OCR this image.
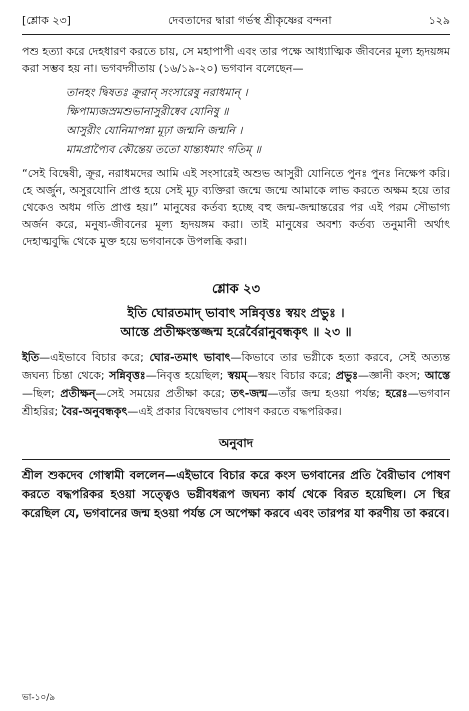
[শ্লোক ২৩]	দেবতাদের দ্বারা গর্ভস্থ শ্রীকৃষ্ণের বন্দনা	১২৯

পশু হত্যা করে দেহধারণ করতে চায়, সে মহাপাপী এবং তার পক্ষে আধ্যাত্মিক জীবনের মূল্য হৃদয়ঙ্গম করা সম্ভব হয় না। ভগবদ্গীতায় (১৬/১৯-২০) ভগবান বলেছেন—

তানহং দ্বিষতঃ ক্রূরান্ সংসারেষু নরাধমান্ ।
ক্ষিপাম্যজস্রমশুভানাসুরীষ্বেব যোনিষু ॥
আসুরীং যোনিমাপন্না মূঢ়া জন্মনি জন্মনি ।
মামপ্রাপ্যৈব কৌন্তেয় ততো যান্ত্যধমাং গতিম্ ॥

“সেই বিদ্বেষী, ক্রূর, নরাধমদের আমি এই সংসারেই অশুভ আসুরী যোনিতে পুনঃ পুনঃ নিক্ষেপ করি। হে অর্জুন, অসুরযোনি প্রাপ্ত হয়ে সেই মূঢ় ব্যক্তিরা জন্মে জন্মে আমাকে লাভ করতে অক্ষম হয়ে তার থেকেও অধম গতি প্রাপ্ত হয়।” মানুষের কর্তব্য হচ্ছে বহু জন্ম-জন্মান্তরের পর এই পরম সৌভাগ্য অর্জন করে, মনুষ্য-জীবনের মূল্য হৃদয়ঙ্গম করা। তাই মানুষের অবশ্য কর্তব্য তনুমানী অর্থাৎ দেহাত্মবুদ্ধি থেকে মুক্ত হয়ে ভগবানকে উপলব্ধি করা।

শ্লোক ২৩
ইতি ঘোরতমাদ্ ভাবাৎ সন্নিবৃত্তঃ স্বয়ং প্রভুঃ ।
আস্তে প্রতীক্ষংস্তজ্জন্ম হরের্বৈরানুবন্ধকৃৎ ॥ ২৩ ॥

ইতি—এইভাবে বিচার করে; ঘোর-তমাৎ ভাবাৎ—কিভাবে তার ভগ্নীকে হত্যা করবে, সেই অত্যন্ত জঘন্য চিন্তা থেকে; সন্নিবৃত্তঃ—নিবৃত্ত হয়েছিল; স্বয়ম্—স্বয়ং বিচার করে; প্রভুঃ—জ্ঞানী কংস; আস্তে—ছিল; প্রতীক্ষন্—সেই সময়ের প্রতীক্ষা করে; তৎ-জন্ম—তাঁর জন্ম হওয়া পর্যন্ত; হরেঃ—ভগবান শ্রীহরির; বৈর-অনুবন্ধকৃৎ—এই প্রকার বিদ্বেষভাব পোষণ করতে বদ্ধপরিকর।

অনুবাদ

শ্রীল শুকদেব গোস্বামী বললেন—এইভাবে বিচার করে কংস ভগবানের প্রতি বৈরীভাব পোষণ করতে বদ্ধপরিকর হওয়া সত্ত্বেও ভগ্নীবধরূপ জঘন্য কার্য থেকে বিরত হয়েছিল। সে স্থির করেছিল যে, ভগবানের জন্ম হওয়া পর্যন্ত সে অপেক্ষা করবে এবং তারপর যা করণীয় তা করবে।

ভা-১০/৯
